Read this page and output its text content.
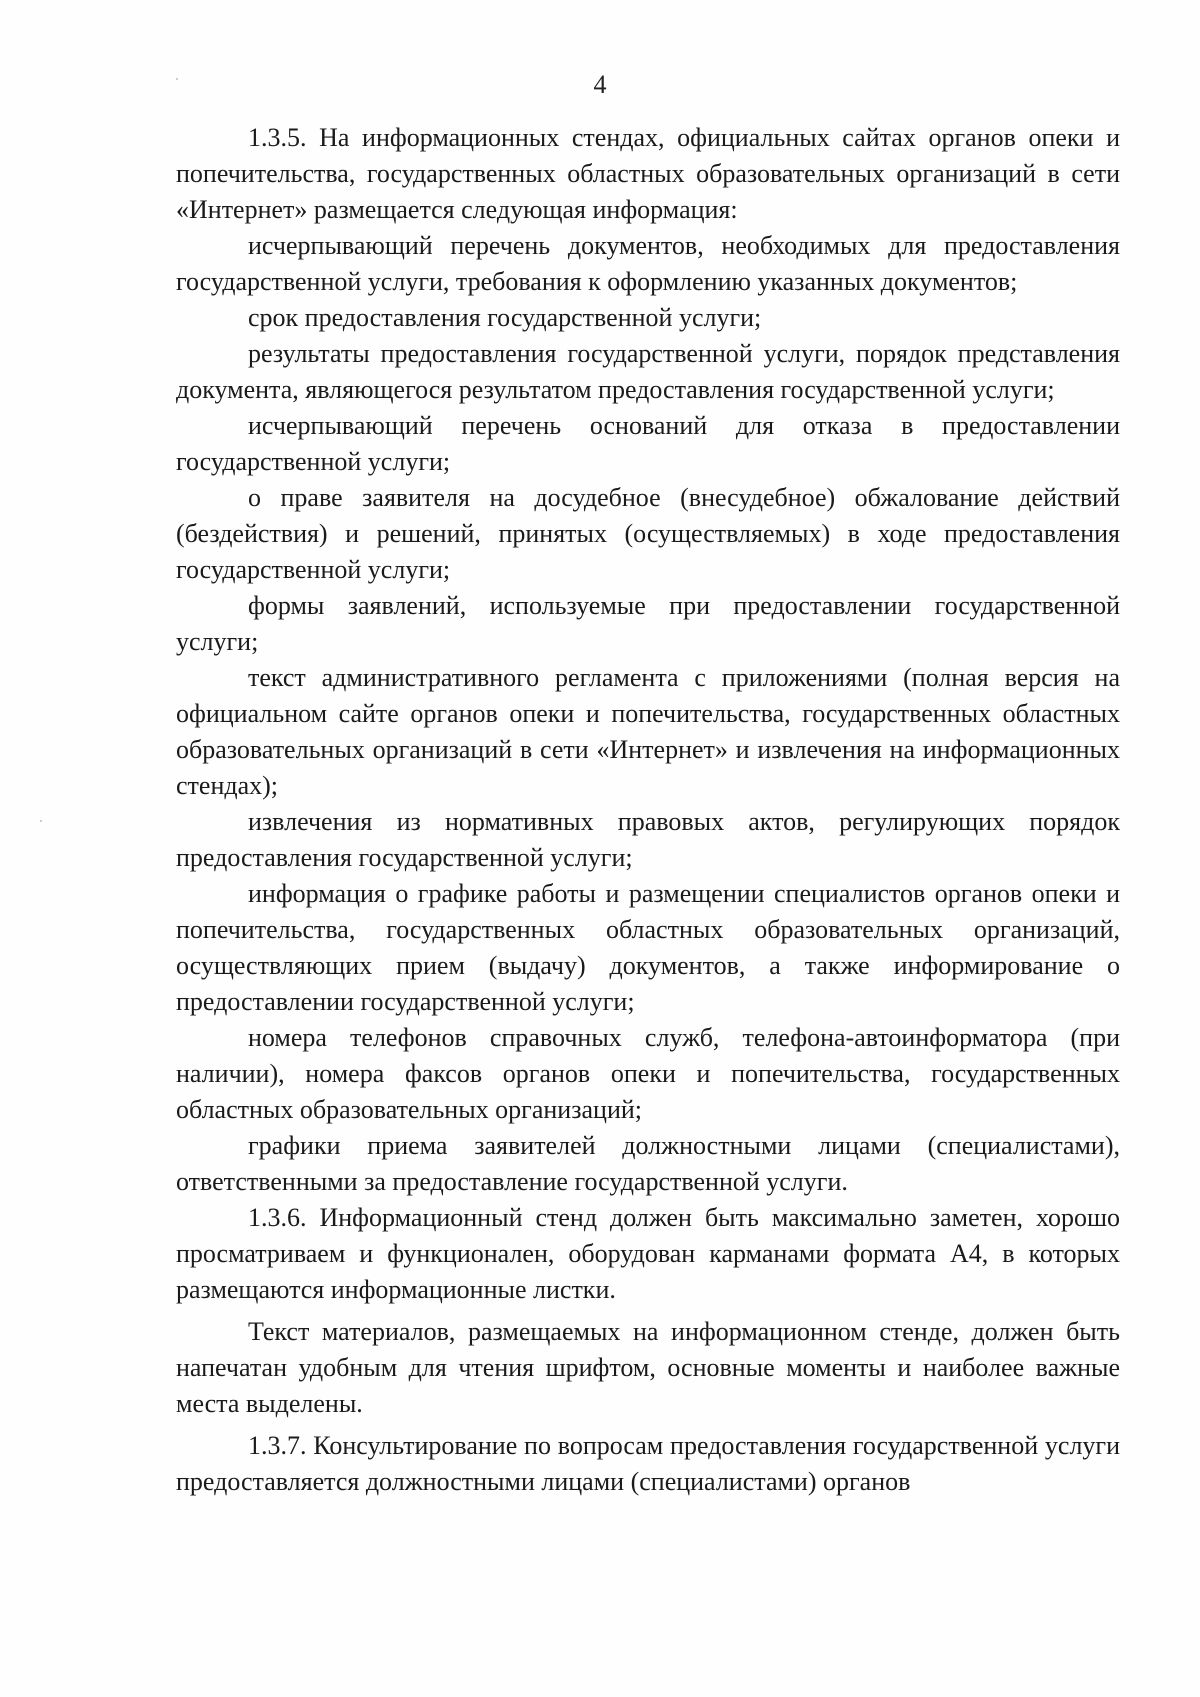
4

1.3.5. На информационных стендах, официальных сайтах органов опеки и попечительства, государственных областных образовательных организаций в сети «Интернет» размещается следующая информация:

исчерпывающий перечень документов, необходимых для предоставления государственной услуги, требования к оформлению указанных документов;

срок предоставления государственной услуги;

результаты предоставления государственной услуги, порядок представления документа, являющегося результатом предоставления государственной услуги;

исчерпывающий перечень оснований для отказа в предоставлении государственной услуги;

о праве заявителя на досудебное (внесудебное) обжалование действий (бездействия) и решений, принятых (осуществляемых) в ходе предоставления государственной услуги;

формы заявлений, используемые при предоставлении государственной услуги;

текст административного регламента с приложениями (полная версия на официальном сайте органов опеки и попечительства, государственных областных образовательных организаций в сети «Интернет» и извлечения на информационных стендах);

извлечения из нормативных правовых актов, регулирующих порядок предоставления государственной услуги;

информация о графике работы и размещении специалистов органов опеки и попечительства, государственных областных образовательных организаций, осуществляющих прием (выдачу) документов, а также информирование о предоставлении государственной услуги;

номера телефонов справочных служб, телефона-автоинформатора (при наличии), номера факсов органов опеки и попечительства, государственных областных образовательных организаций;

графики приема заявителей должностными лицами (специалистами), ответственными за предоставление государственной услуги.

1.3.6. Информационный стенд должен быть максимально заметен, хорошо просматриваем и функционален, оборудован карманами формата А4, в которых размещаются информационные листки.

Текст материалов, размещаемых на информационном стенде, должен быть напечатан удобным для чтения шрифтом, основные моменты и наиболее важные места выделены.

1.3.7. Консультирование по вопросам предоставления государственной услуги предоставляется должностными лицами (специалистами) органов
